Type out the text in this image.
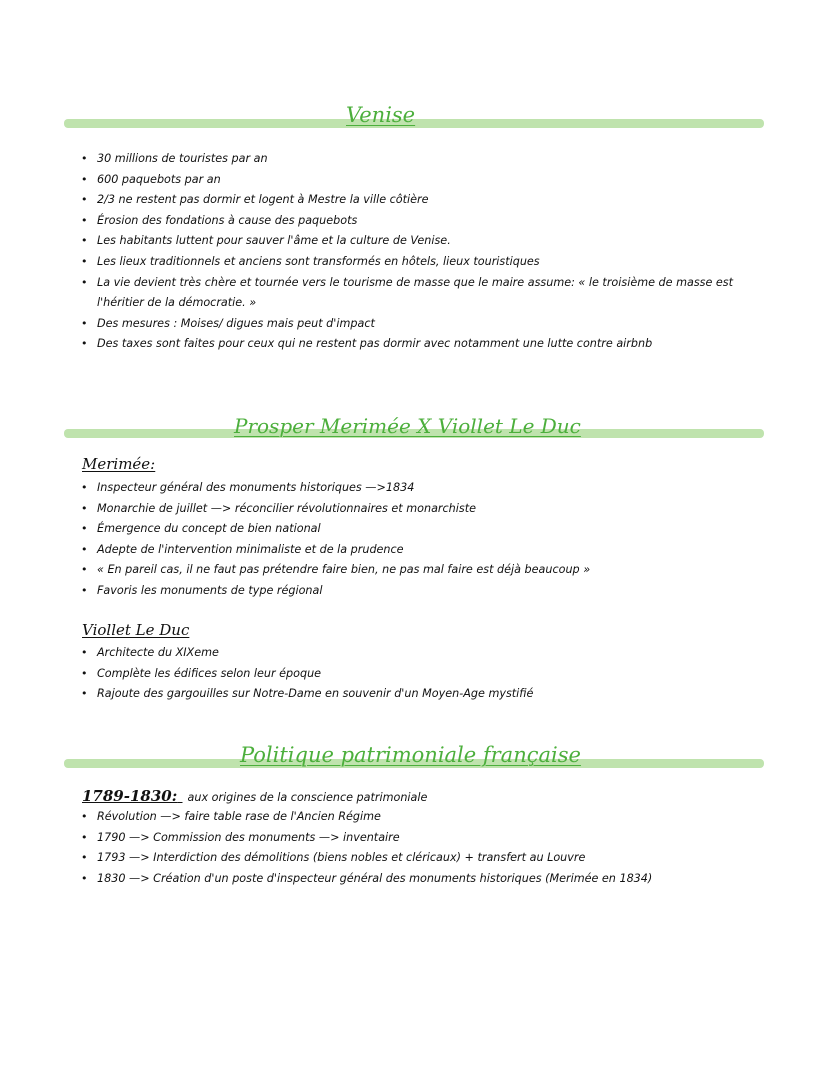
Venise
• 30 millions de touristes par an
• 600 paquebots par an
• 2/3 ne restent pas dormir et logent à Mestre la ville côtière
• Érosion des fondations à cause des paquebots
• Les habitants luttent pour sauver l'âme et la culture de Venise.
• Les lieux traditionnels et anciens sont transformés en hôtels, lieux touristiques
• La vie devient très chère et tournée vers le tourisme de masse que le maire assume: « le troisième de masse est l'héritier de la démocratie. »
• Des mesures : Moises/ digues mais peut d'impact
• Des taxes sont faites pour ceux qui ne restent pas dormir avec notamment une lutte contre airbnb
Prosper Merimée X Viollet Le Duc
Merimée:
• Inspecteur général des monuments historiques —>1834
• Monarchie de juillet —> réconcilier révolutionnaires et monarchiste
• Émergence du concept de bien national
• Adepte de l'intervention minimaliste et de la prudence
• « En pareil cas, il ne faut pas prétendre faire bien, ne pas mal faire est déjà beaucoup »
• Favoris les monuments de type régional
Viollet Le Duc
• Architecte du XIXeme
• Complète les édifices selon leur époque
• Rajoute des gargouilles sur Notre-Dame en souvenir d'un Moyen-Age mystifié
Politique patrimoniale française
1789-1830: aux origines de la conscience patrimoniale
• Révolution —> faire table rase de l'Ancien Régime
• 1790 —> Commission des monuments —> inventaire
• 1793 —> Interdiction des démolitions (biens nobles et cléricaux) + transfert au Louvre
• 1830 —> Création d'un poste d'inspecteur général des monuments historiques (Merimée en 1834)
